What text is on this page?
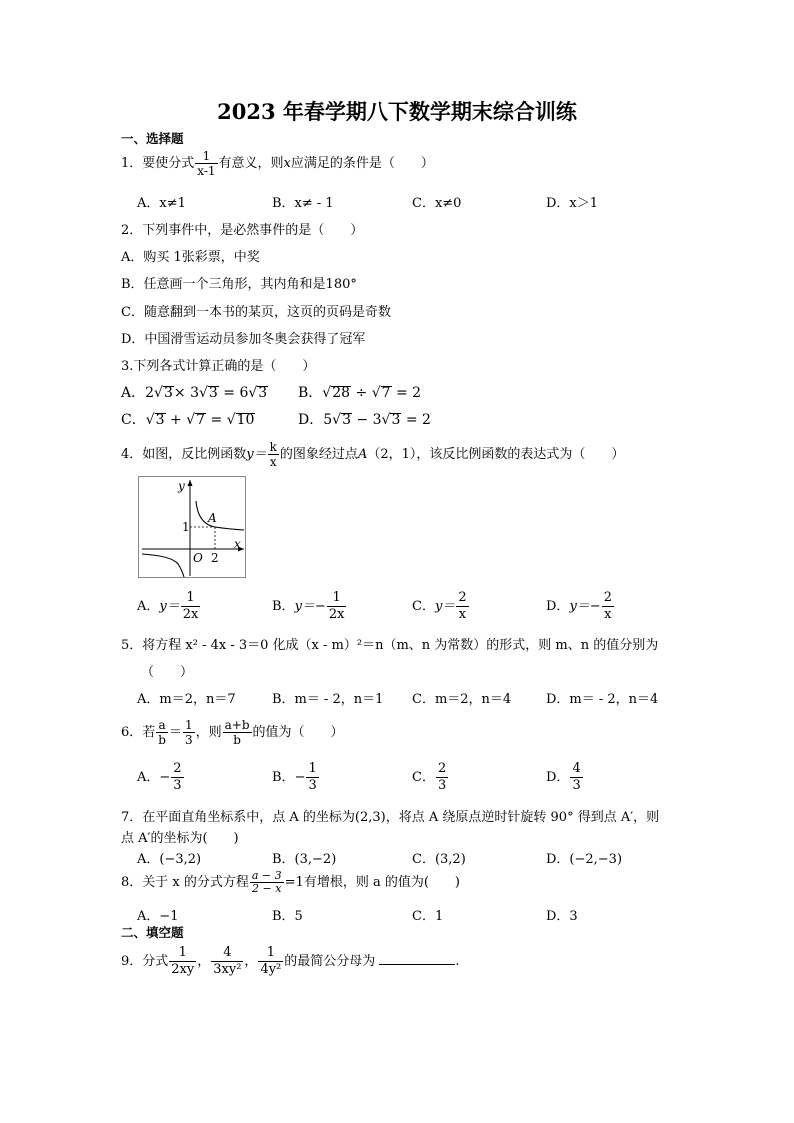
2023 年春学期八下数学期末综合训练
一、选择题
1．要使分式 $\frac{1}{x-1}$ 有意义，则x应满足的条件是（　　）
A．x≠1	B．x≠ - 1	C．x≠0	D．x＞1
2．下列事件中，是必然事件的是（　　）
A．购买 1张彩票，中奖
B．任意画一个三角形，其内角和是180°
C．随意翻到一本书的某页，这页的页码是奇数
D．中国滑雪运动员参加冬奥会获得了冠军
3.下列各式计算正确的是（　　）
A．2√3× 3√3 = 6√3 B．√28 ÷ √7 = 2
C．√3 + √7 = √10	D．5√3 − 3√3 = 2
4．如图，反比例函数$y= \frac{k}{x}$ 的图象经过点A（2，1），该反比例函数的表达式为（　　）
y
x
O
1
2
A
A．$y= \frac{1}{2x}$	B．$y=- \frac{1}{2x}$	C．$y= \frac{2}{x}$	D．$y=- \frac{2}{x}$
5．将方程 x² - 4x - 3＝0 化成（x - m）²＝n（m、n 为常数）的形式，则 m、n 的值分别为
（　　）
A．m＝2，n＝7	B．m＝ - 2，n＝1 C．m＝2，n＝4	D．m＝ - 2，n＝4
6．若 $\frac{a}{b} = \frac{1}{3}$ ，则 $\frac{a+b}{b}$ 的值为（　　）
A．− $\frac{2}{3}$	B．− $\frac{1}{3}$	C． $\frac{2}{3}$	D． $\frac{4}{3}$
7．在平面直角坐标系中，点 A 的坐标为(2,3)，将点 A 绕原点逆时针旋转 90° 得到点 A′，则
点 A′的坐标为(　　)
A．(−3,2)	B．(3,−2)	C．(3,2)	D．(−2,−3)
8．关于 x 的分式方程 $\frac{a - 3}{2 - x} =1$有增根，则 a 的值为(　　)
A．−1	B．5	C．1	D．3
二、填空题
9．分式 $\frac{1}{2xy}$ ， $\frac{4}{\text{3xy²}}$ ， $\frac{1}{\text{4y²}}$ 的最简公分母为	.
